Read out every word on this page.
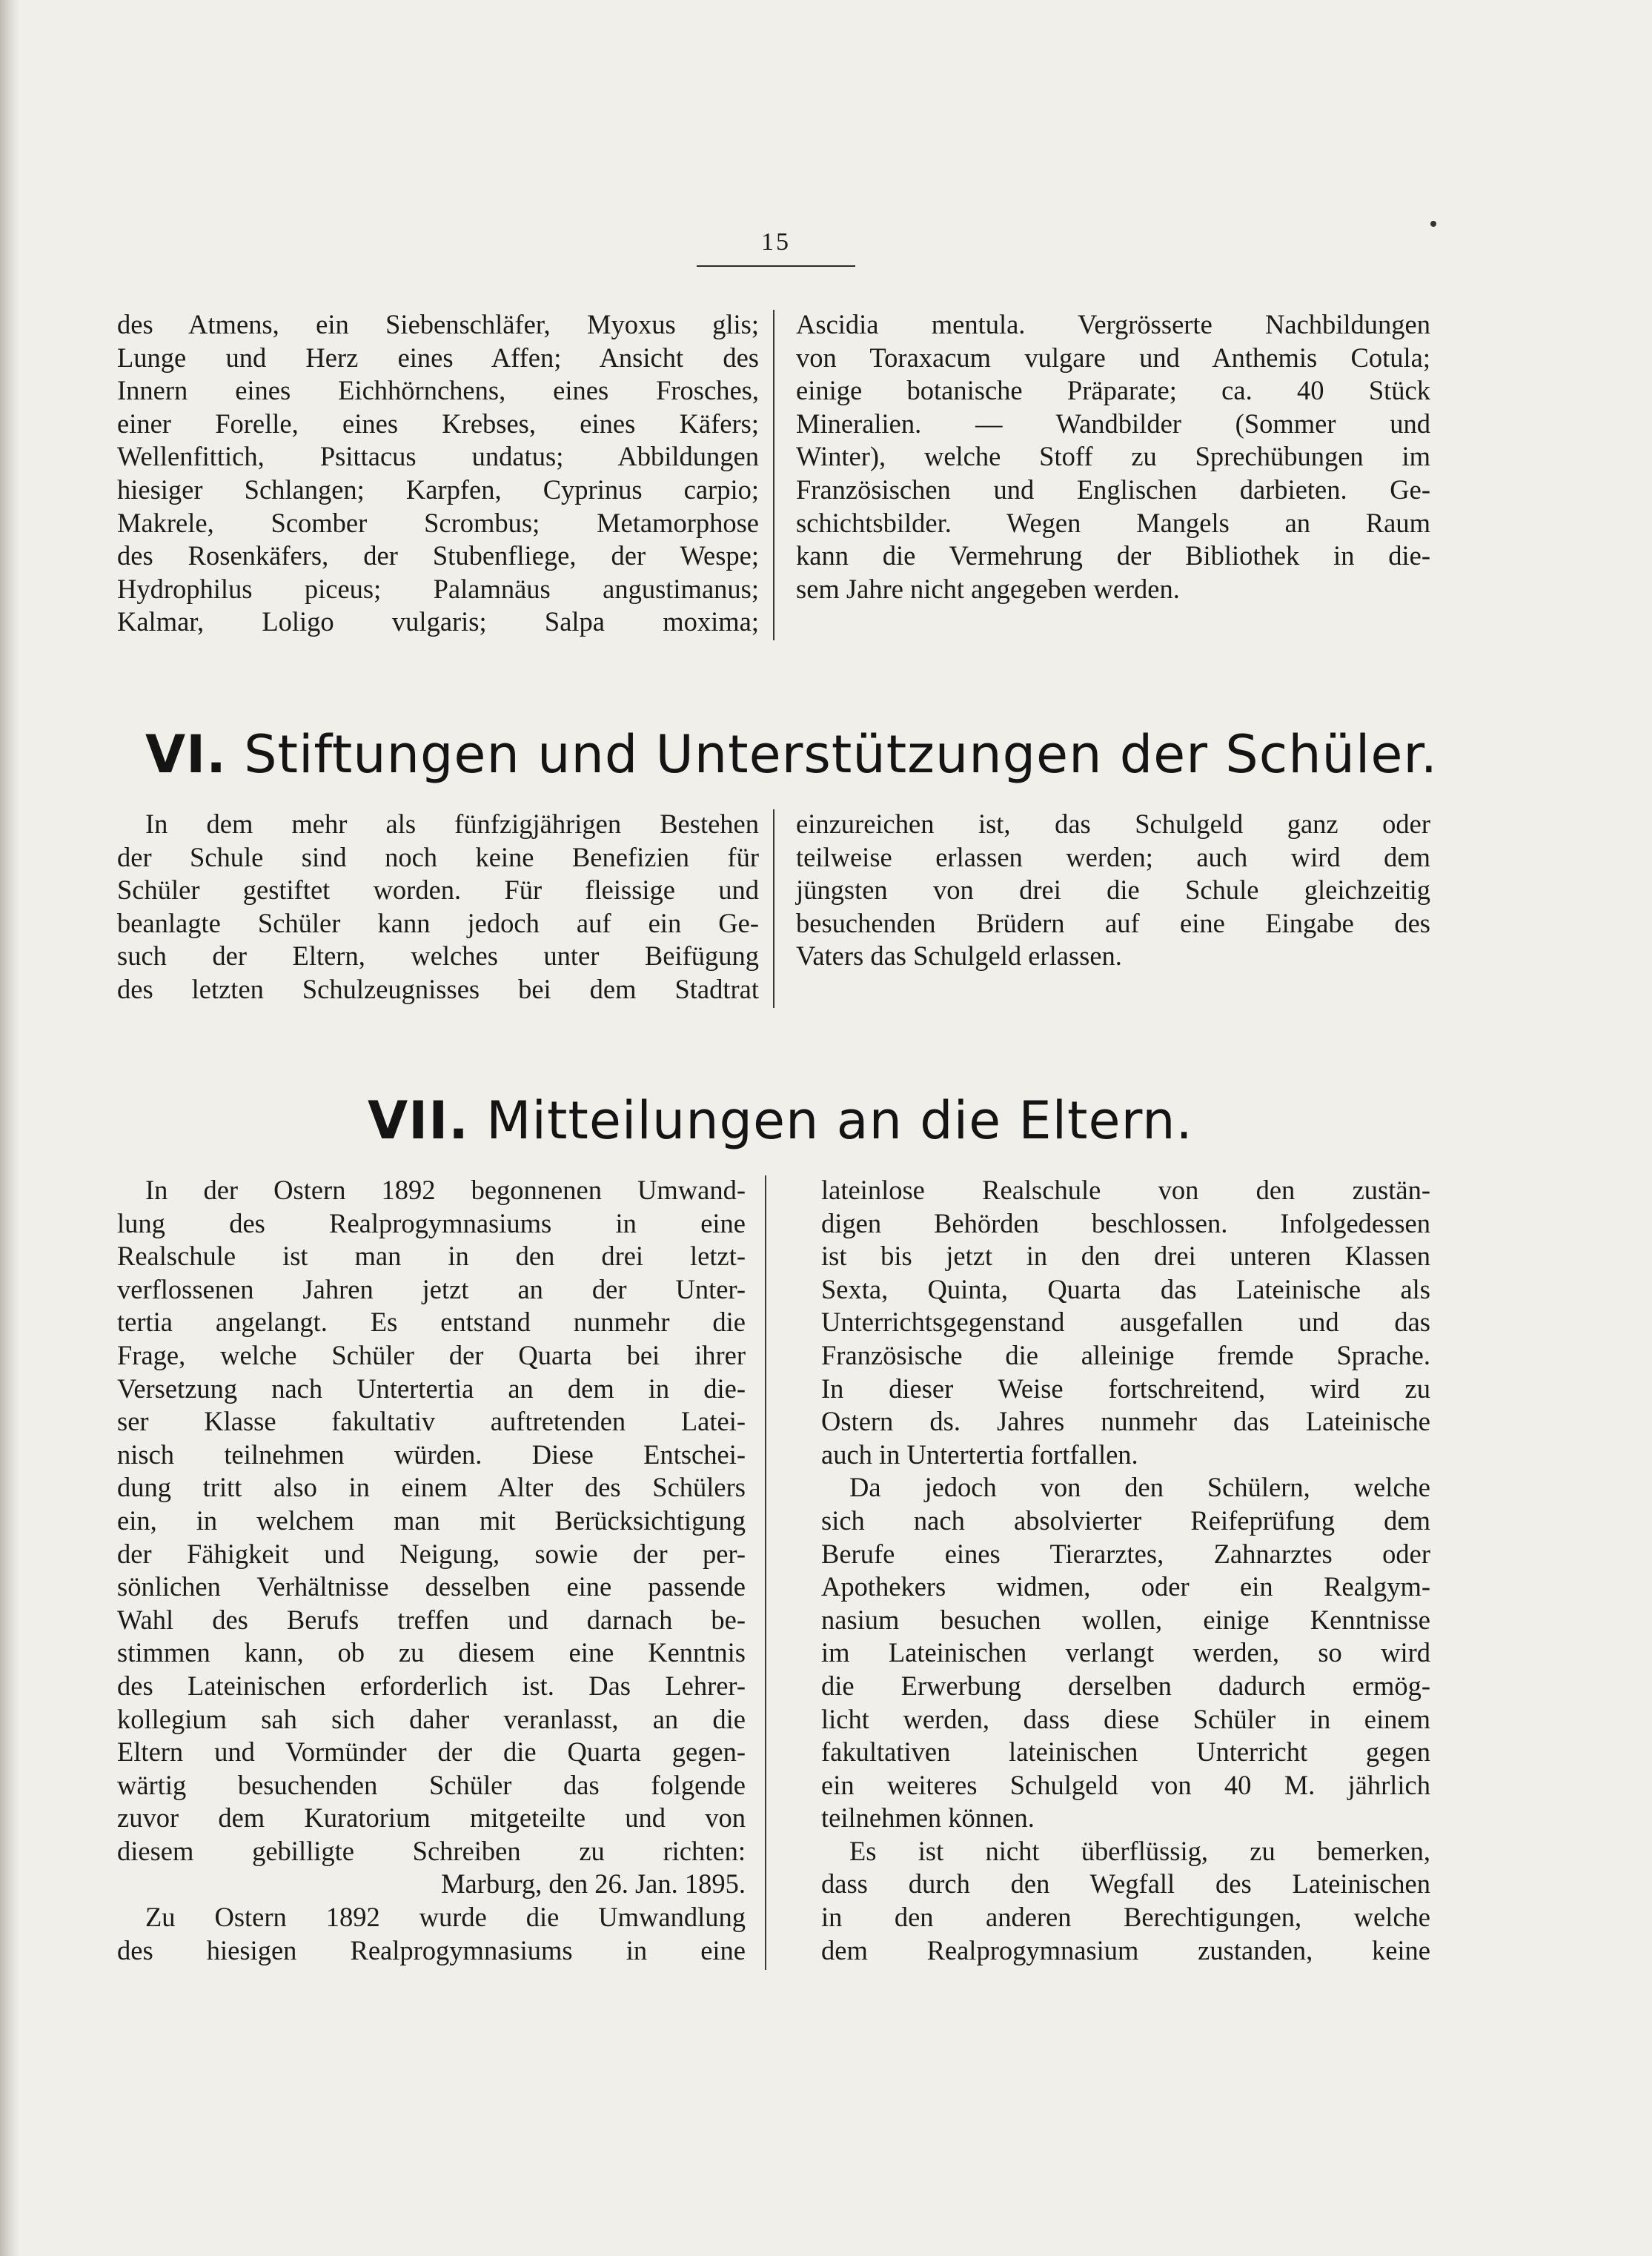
15
des Atmens, ein Siebenschläfer, Myoxus glis;
Lunge und Herz eines Affen; Ansicht des
Innern eines Eichhörnchens, eines Frosches,
einer Forelle, eines Krebses, eines Käfers;
Wellenfittich, Psittacus undatus; Abbildungen
hiesiger Schlangen; Karpfen, Cyprinus carpio;
Makrele, Scomber Scrombus; Metamorphose
des Rosenkäfers, der Stubenfliege, der Wespe;
Hydrophilus piceus; Palamnäus angustimanus;
Kalmar, Loligo vulgaris; Salpa moxima;
Ascidia mentula. Vergrösserte Nachbildungen
von Toraxacum vulgare und Anthemis Cotula;
einige botanische Präparate; ca. 40 Stück
Mineralien. — Wandbilder (Sommer und
Winter), welche Stoff zu Sprechübungen im
Französischen und Englischen darbieten. Ge-
schichtsbilder. Wegen Mangels an Raum
kann die Vermehrung der Bibliothek in die-
sem Jahre nicht angegeben werden.
VI. Stiftungen und Unterstützungen der Schüler.
In dem mehr als fünfzigjährigen Bestehen
der Schule sind noch keine Benefizien für
Schüler gestiftet worden. Für fleissige und
beanlagte Schüler kann jedoch auf ein Ge-
such der Eltern, welches unter Beifügung
des letzten Schulzeugnisses bei dem Stadtrat
einzureichen ist, das Schulgeld ganz oder
teilweise erlassen werden; auch wird dem
jüngsten von drei die Schule gleichzeitig
besuchenden Brüdern auf eine Eingabe des
Vaters das Schulgeld erlassen.
VII. Mitteilungen an die Eltern.
In der Ostern 1892 begonnenen Umwand-
lung des Realprogymnasiums in eine
Realschule ist man in den drei letzt-
verflossenen Jahren jetzt an der Unter-
tertia angelangt. Es entstand nunmehr die
Frage, welche Schüler der Quarta bei ihrer
Versetzung nach Untertertia an dem in die-
ser Klasse fakultativ auftretenden Latei-
nisch teilnehmen würden. Diese Entschei-
dung tritt also in einem Alter des Schülers
ein, in welchem man mit Berücksichtigung
der Fähigkeit und Neigung, sowie der per-
sönlichen Verhältnisse desselben eine passende
Wahl des Berufs treffen und darnach be-
stimmen kann, ob zu diesem eine Kenntnis
des Lateinischen erforderlich ist. Das Lehrer-
kollegium sah sich daher veranlasst, an die
Eltern und Vormünder der die Quarta gegen-
wärtig besuchenden Schüler das folgende
zuvor dem Kuratorium mitgeteilte und von
diesem gebilligte Schreiben zu richten:
Marburg, den 26. Jan. 1895.
Zu Ostern 1892 wurde die Umwandlung
des hiesigen Realprogymnasiums in eine
lateinlose Realschule von den zustän-
digen Behörden beschlossen. Infolgedessen
ist bis jetzt in den drei unteren Klassen
Sexta, Quinta, Quarta das Lateinische als
Unterrichtsgegenstand ausgefallen und das
Französische die alleinige fremde Sprache.
In dieser Weise fortschreitend, wird zu
Ostern ds. Jahres nunmehr das Lateinische
auch in Untertertia fortfallen.
Da jedoch von den Schülern, welche
sich nach absolvierter Reifeprüfung dem
Berufe eines Tierarztes, Zahnarztes oder
Apothekers widmen, oder ein Realgym-
nasium besuchen wollen, einige Kenntnisse
im Lateinischen verlangt werden, so wird
die Erwerbung derselben dadurch ermög-
licht werden, dass diese Schüler in einem
fakultativen lateinischen Unterricht gegen
ein weiteres Schulgeld von 40 M. jährlich
teilnehmen können.
Es ist nicht überflüssig, zu bemerken,
dass durch den Wegfall des Lateinischen
in den anderen Berechtigungen, welche
dem Realprogymnasium zustanden, keine
